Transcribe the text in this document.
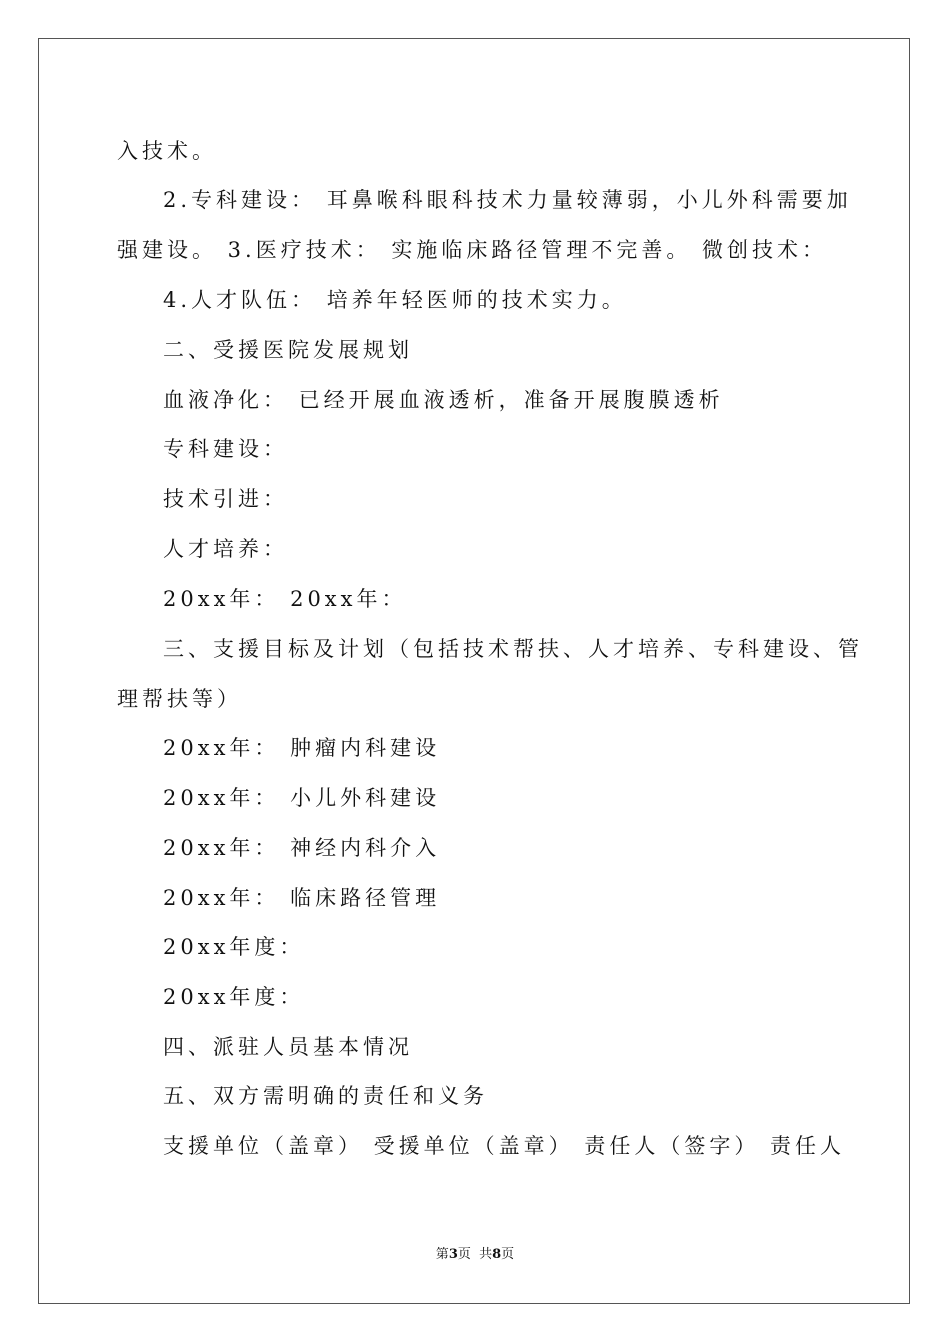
入技术。
2.专科建设： 耳鼻喉科眼科技术力量较薄弱，小儿外科需要加
强建设。 3.医疗技术： 实施临床路径管理不完善。 微创技术：
4.人才队伍： 培养年轻医师的技术实力。
二、受援医院发展规划
血液净化： 已经开展血液透析，准备开展腹膜透析
专科建设：
技术引进：
人才培养：
20xx年： 20xx年：
三、支援目标及计划（包括技术帮扶、人才培养、专科建设、管
理帮扶等）
20xx年： 肿瘤内科建设
20xx年： 小儿外科建设
20xx年： 神经内科介入
20xx年： 临床路径管理
20xx年度：
20xx年度：
四、派驻人员基本情况
五、双方需明确的责任和义务
支援单位（盖章） 受援单位（盖章） 责任人（签字） 责任人
第3页  共8页
